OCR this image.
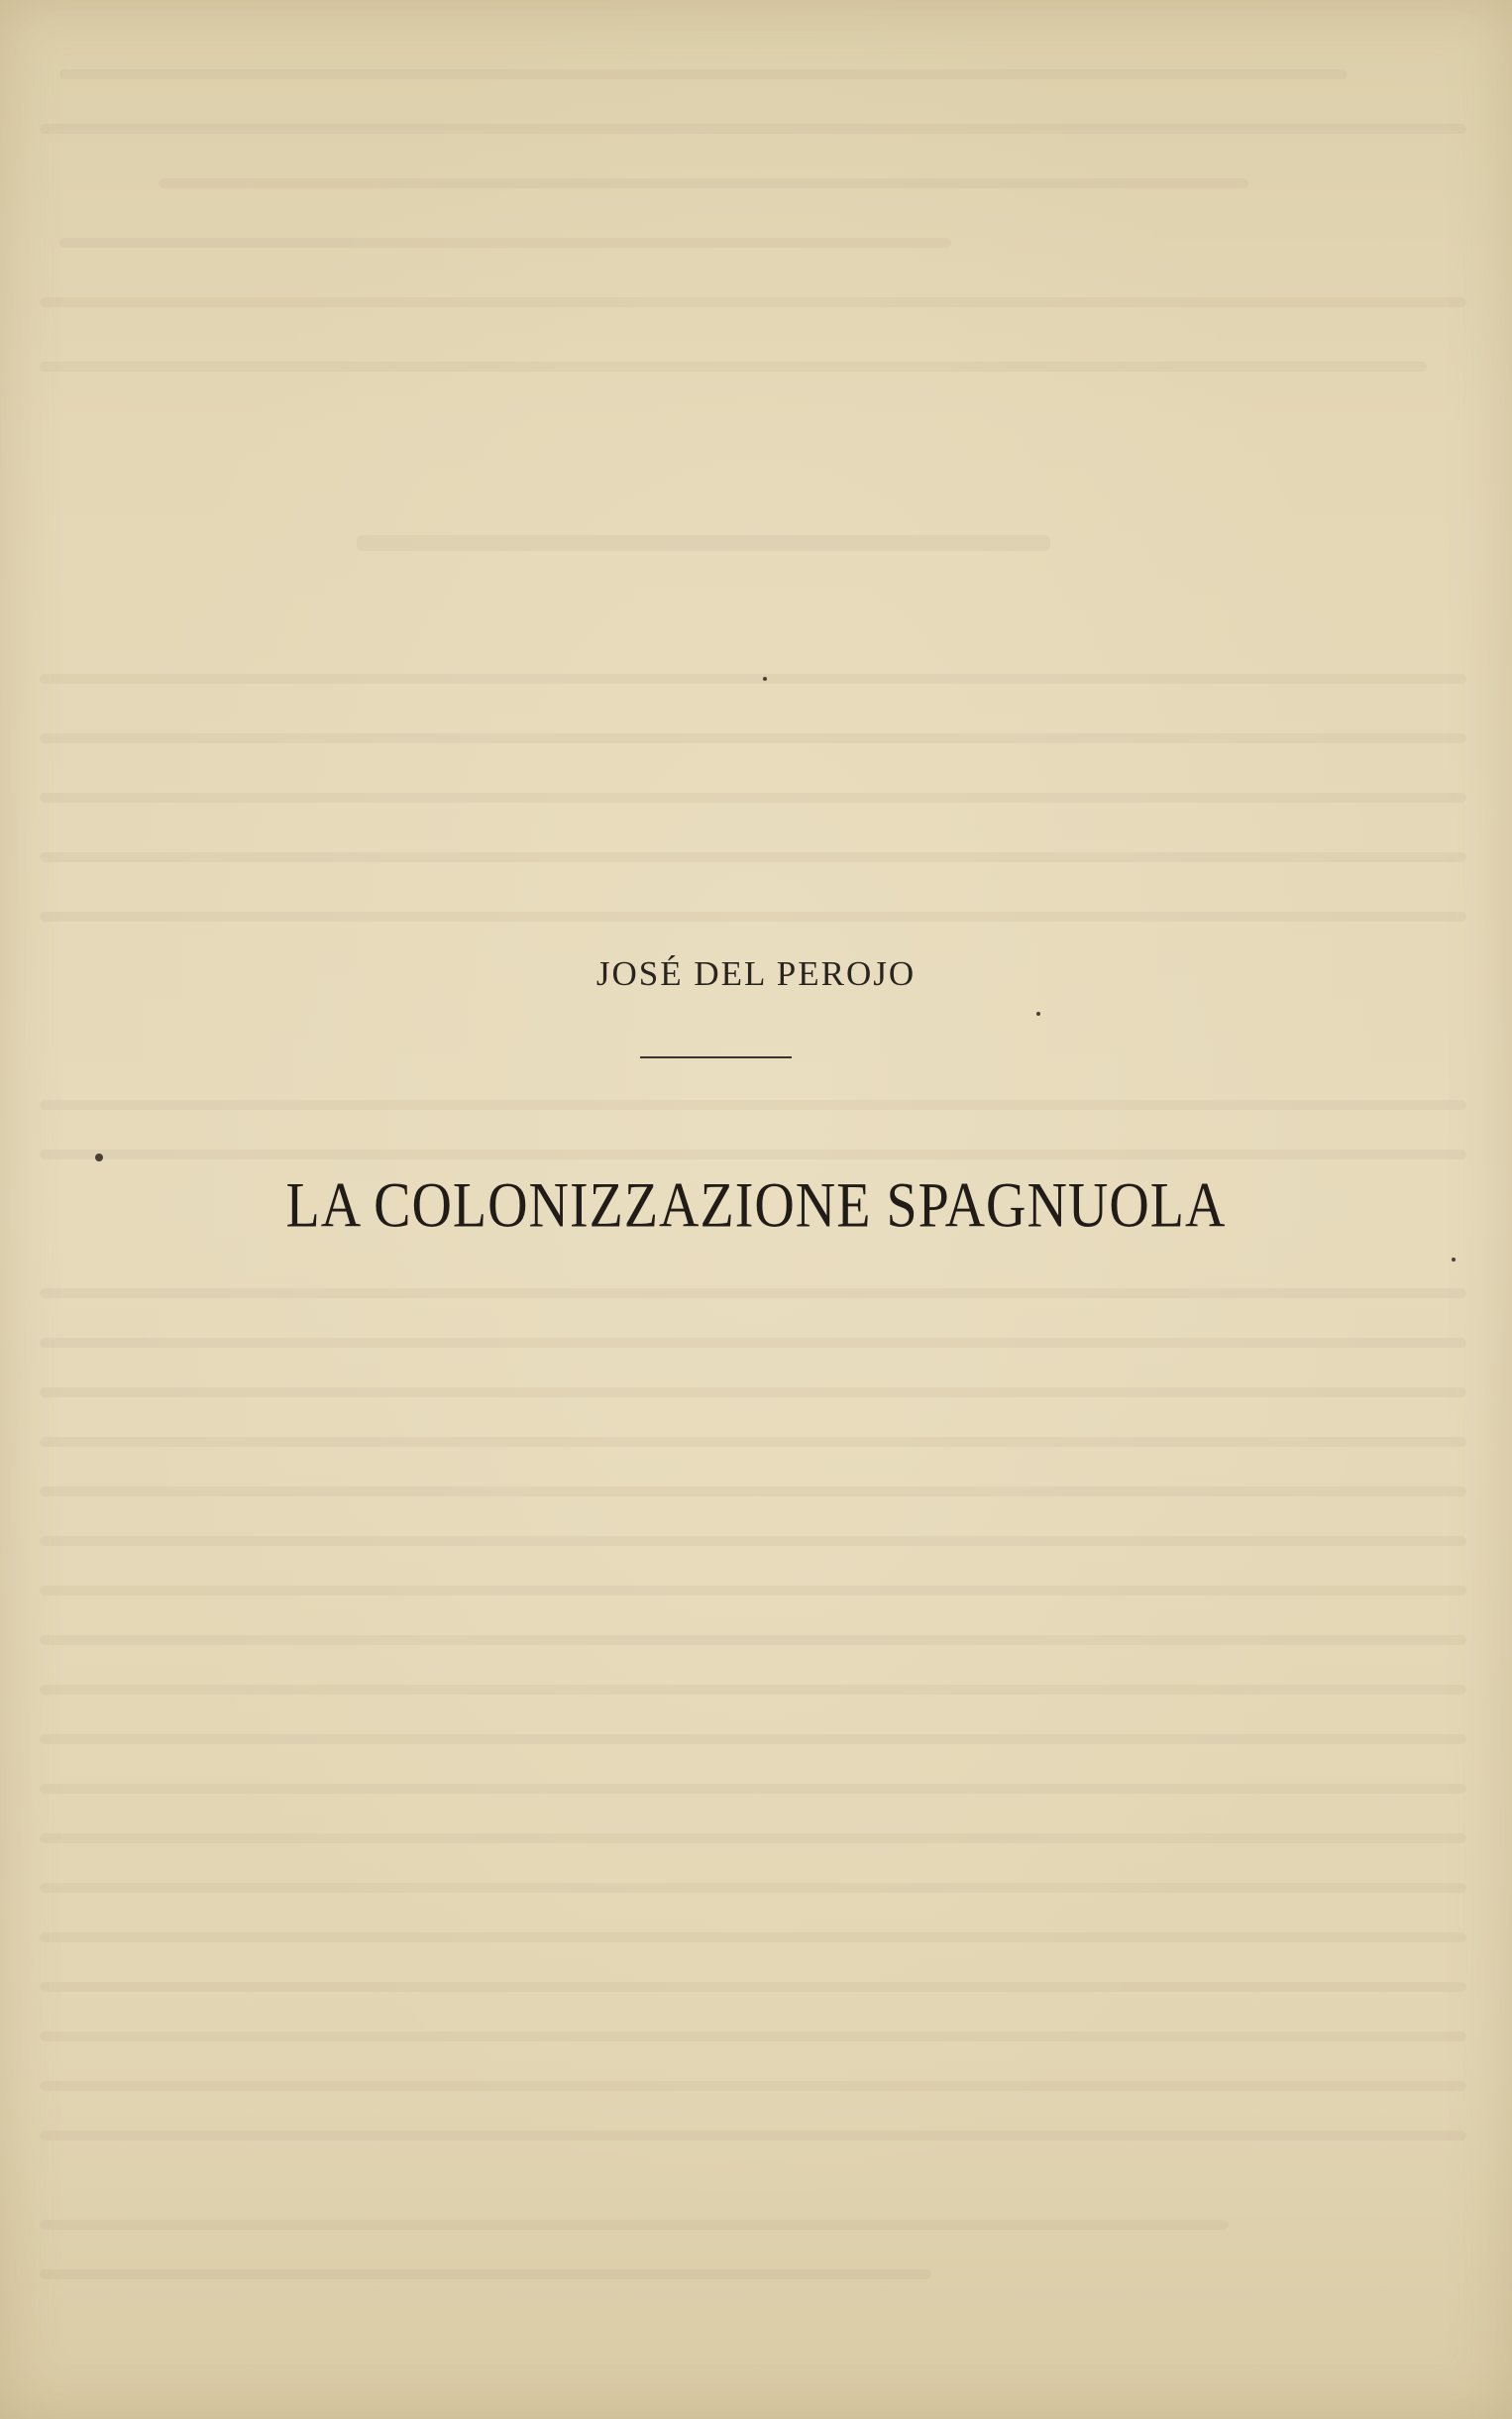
JOSÉ DEL PEROJO
LA COLONIZZAZIONE SPAGNUOLA
